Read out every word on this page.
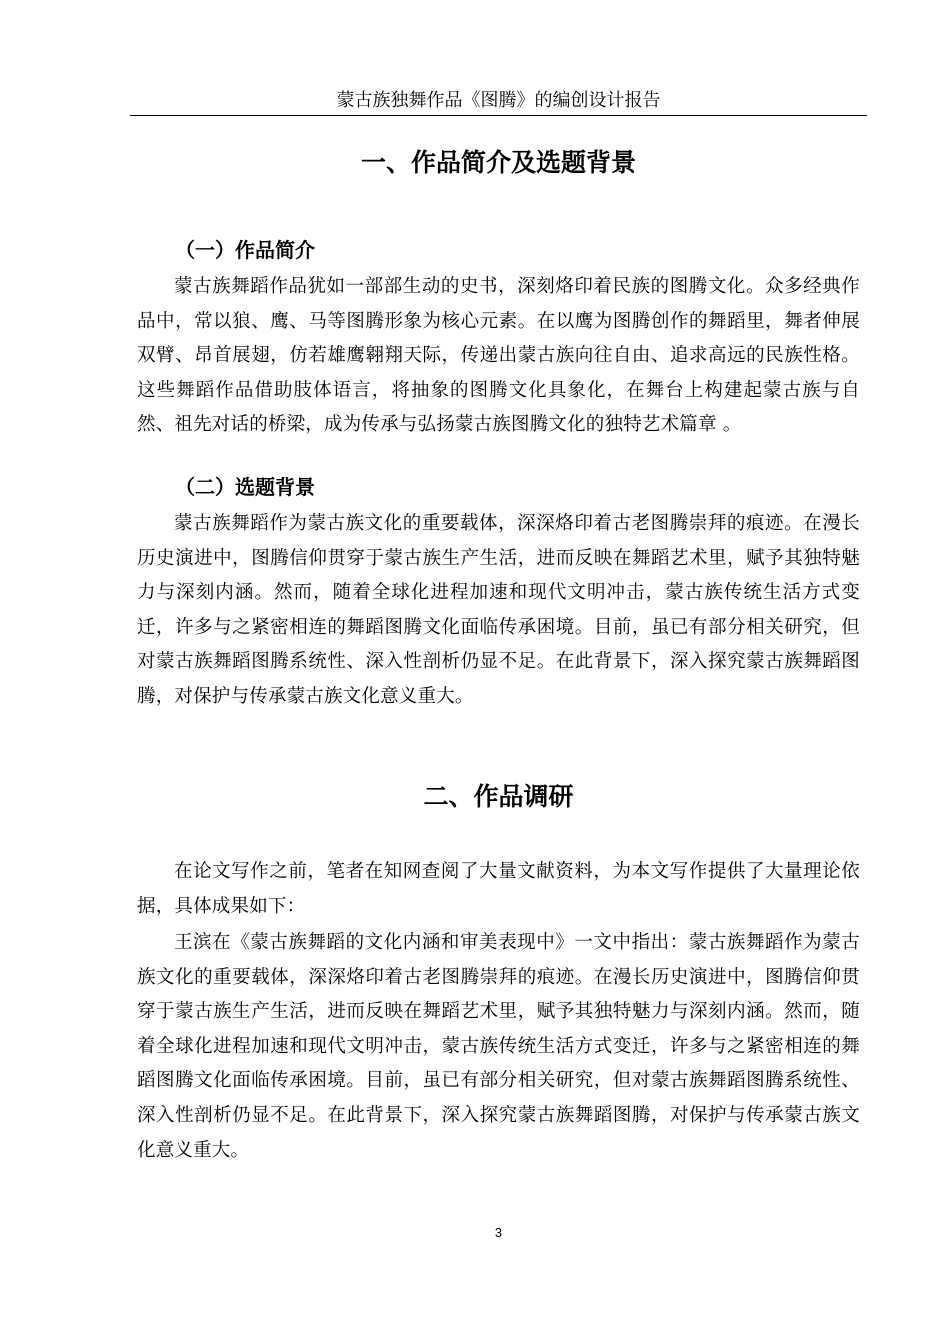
蒙古族独舞作品《图腾》的编创设计报告
一、作品简介及选题背景
（一）作品简介
蒙古族舞蹈作品犹如一部部生动的史书，深刻烙印着民族的图腾文化。众多经典作品中，常以狼、鹰、马等图腾形象为核心元素。在以鹰为图腾创作的舞蹈里，舞者伸展双臂、昂首展翅，仿若雄鹰翱翔天际，传递出蒙古族向往自由、追求高远的民族性格。这些舞蹈作品借助肢体语言，将抽象的图腾文化具象化，在舞台上构建起蒙古族与自然、祖先对话的桥梁，成为传承与弘扬蒙古族图腾文化的独特艺术篇章 。
（二）选题背景
蒙古族舞蹈作为蒙古族文化的重要载体，深深烙印着古老图腾崇拜的痕迹。在漫长历史演进中，图腾信仰贯穿于蒙古族生产生活，进而反映在舞蹈艺术里，赋予其独特魅力与深刻内涵。然而，随着全球化进程加速和现代文明冲击，蒙古族传统生活方式变迁，许多与之紧密相连的舞蹈图腾文化面临传承困境。目前，虽已有部分相关研究，但对蒙古族舞蹈图腾系统性、深入性剖析仍显不足。在此背景下，深入探究蒙古族舞蹈图腾，对保护与传承蒙古族文化意义重大。
二、作品调研
在论文写作之前，笔者在知网查阅了大量文献资料，为本文写作提供了大量理论依据，具体成果如下：
王滨在《蒙古族舞蹈的文化内涵和审美表现中》一文中指出：蒙古族舞蹈作为蒙古族文化的重要载体，深深烙印着古老图腾崇拜的痕迹。在漫长历史演进中，图腾信仰贯穿于蒙古族生产生活，进而反映在舞蹈艺术里，赋予其独特魅力与深刻内涵。然而，随着全球化进程加速和现代文明冲击，蒙古族传统生活方式变迁，许多与之紧密相连的舞蹈图腾文化面临传承困境。目前，虽已有部分相关研究，但对蒙古族舞蹈图腾系统性、深入性剖析仍显不足。在此背景下，深入探究蒙古族舞蹈图腾，对保护与传承蒙古族文化意义重大。
3
